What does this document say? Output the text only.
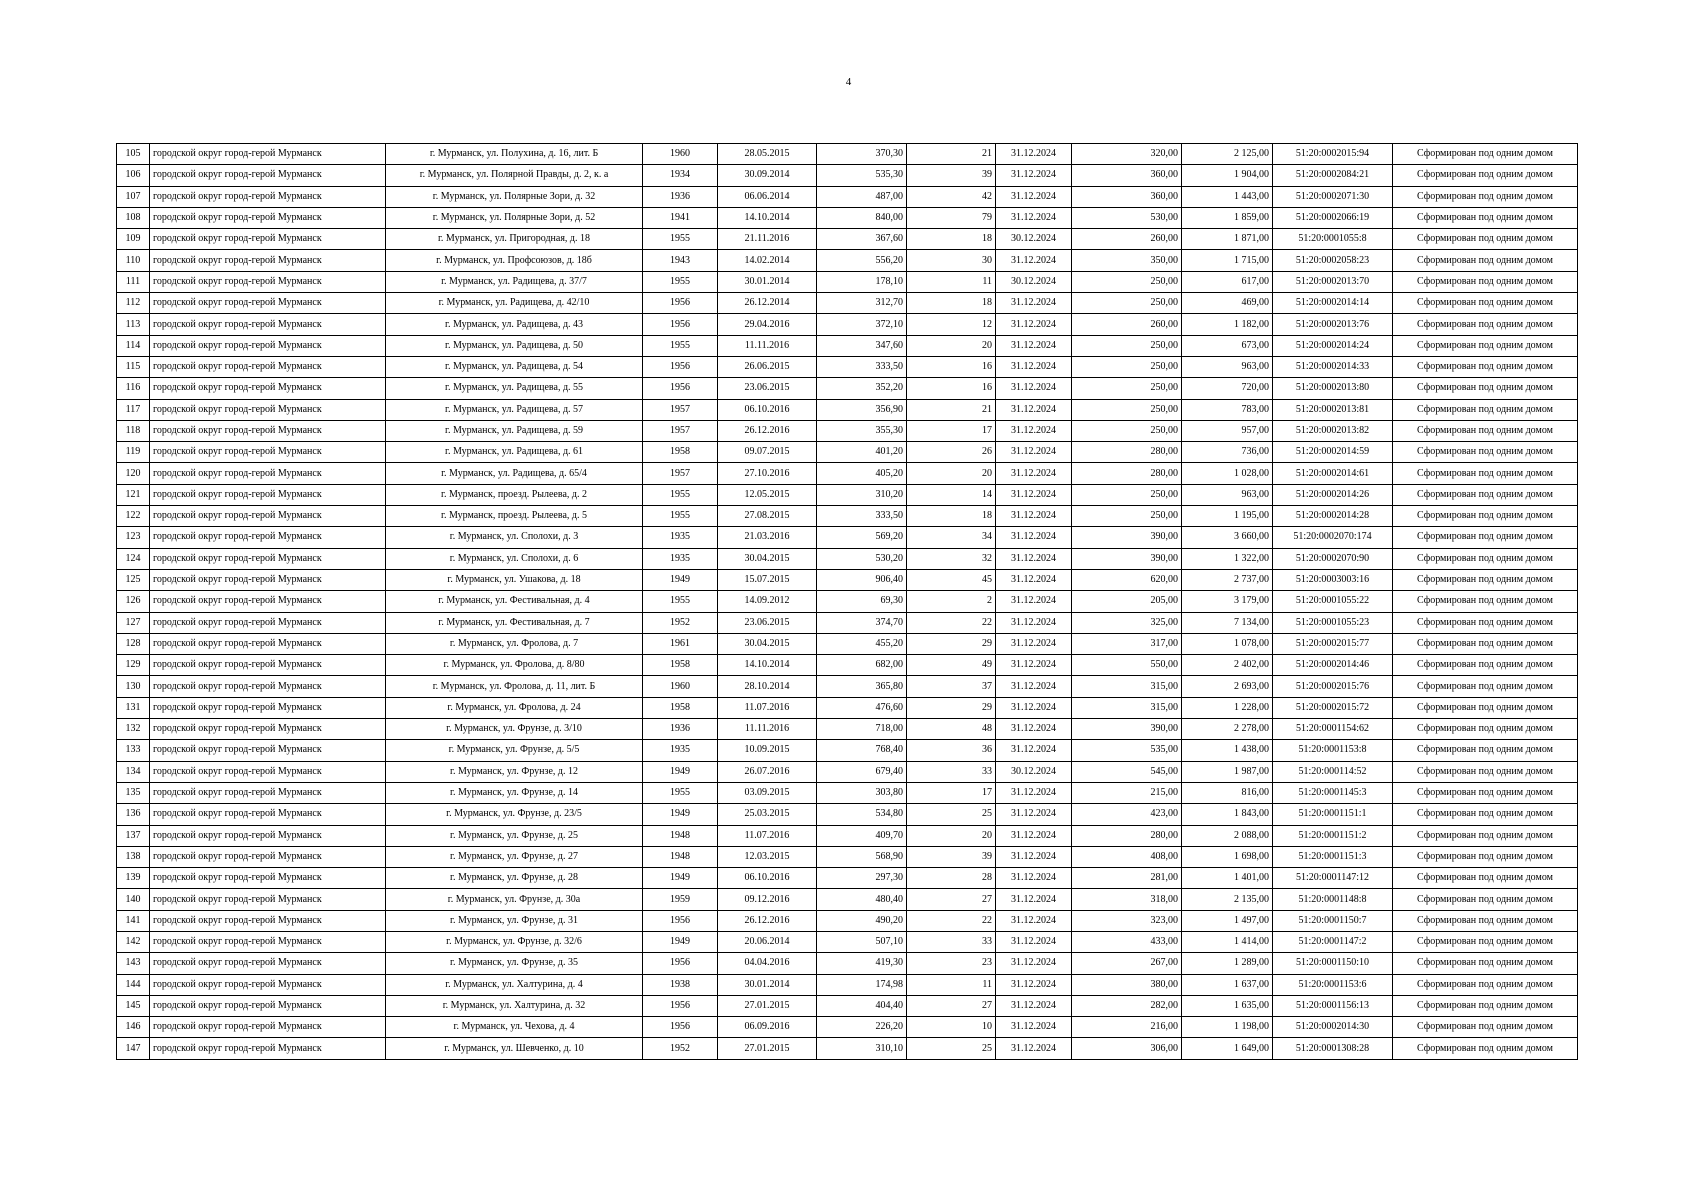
4
105	городской округ город-герой Мурманск	г. Мурманск, ул. Полухина, д. 16, лит. Б	1960	28.05.2015	370,30	21	31.12.2024	320,00	2 125,00	51:20:0002015:94	Сформирован под одним домом
106	городской округ город-герой Мурманск	г. Мурманск, ул. Полярной Правды, д. 2, к. а	1934	30.09.2014	535,30	39	31.12.2024	360,00	1 904,00	51:20:0002084:21	Сформирован под одним домом
107	городской округ город-герой Мурманск	г. Мурманск, ул. Полярные Зори, д. 32	1936	06.06.2014	487,00	42	31.12.2024	360,00	1 443,00	51:20:0002071:30	Сформирован под одним домом
108	городской округ город-герой Мурманск	г. Мурманск, ул. Полярные Зори, д. 52	1941	14.10.2014	840,00	79	31.12.2024	530,00	1 859,00	51:20:0002066:19	Сформирован под одним домом
109	городской округ город-герой Мурманск	г. Мурманск, ул. Пригородная, д. 18	1955	21.11.2016	367,60	18	30.12.2024	260,00	1 871,00	51:20:0001055:8	Сформирован под одним домом
110	городской округ город-герой Мурманск	г. Мурманск, ул. Профсоюзов, д. 18б	1943	14.02.2014	556,20	30	31.12.2024	350,00	1 715,00	51:20:0002058:23	Сформирован под одним домом
111	городской округ город-герой Мурманск	г. Мурманск, ул. Радищева, д. 37/7	1955	30.01.2014	178,10	11	30.12.2024	250,00	617,00	51:20:0002013:70	Сформирован под одним домом
112	городской округ город-герой Мурманск	г. Мурманск, ул. Радищева, д. 42/10	1956	26.12.2014	312,70	18	31.12.2024	250,00	469,00	51:20:0002014:14	Сформирован под одним домом
113	городской округ город-герой Мурманск	г. Мурманск, ул. Радищева, д. 43	1956	29.04.2016	372,10	12	31.12.2024	260,00	1 182,00	51:20:0002013:76	Сформирован под одним домом
114	городской округ город-герой Мурманск	г. Мурманск, ул. Радищева, д. 50	1955	11.11.2016	347,60	20	31.12.2024	250,00	673,00	51:20:0002014:24	Сформирован под одним домом
115	городской округ город-герой Мурманск	г. Мурманск, ул. Радищева, д. 54	1956	26.06.2015	333,50	16	31.12.2024	250,00	963,00	51:20:0002014:33	Сформирован под одним домом
116	городской округ город-герой Мурманск	г. Мурманск, ул. Радищева, д. 55	1956	23.06.2015	352,20	16	31.12.2024	250,00	720,00	51:20:0002013:80	Сформирован под одним домом
117	городской округ город-герой Мурманск	г. Мурманск, ул. Радищева, д. 57	1957	06.10.2016	356,90	21	31.12.2024	250,00	783,00	51:20:0002013:81	Сформирован под одним домом
118	городской округ город-герой Мурманск	г. Мурманск, ул. Радищева, д. 59	1957	26.12.2016	355,30	17	31.12.2024	250,00	957,00	51:20:0002013:82	Сформирован под одним домом
119	городской округ город-герой Мурманск	г. Мурманск, ул. Радищева, д. 61	1958	09.07.2015	401,20	26	31.12.2024	280,00	736,00	51:20:0002014:59	Сформирован под одним домом
120	городской округ город-герой Мурманск	г. Мурманск, ул. Радищева, д. 65/4	1957	27.10.2016	405,20	20	31.12.2024	280,00	1 028,00	51:20:0002014:61	Сформирован под одним домом
121	городской округ город-герой Мурманск	г. Мурманск, проезд. Рылеева, д. 2	1955	12.05.2015	310,20	14	31.12.2024	250,00	963,00	51:20:0002014:26	Сформирован под одним домом
122	городской округ город-герой Мурманск	г. Мурманск, проезд. Рылеева, д. 5	1955	27.08.2015	333,50	18	31.12.2024	250,00	1 195,00	51:20:0002014:28	Сформирован под одним домом
123	городской округ город-герой Мурманск	г. Мурманск, ул. Сполохи, д. 3	1935	21.03.2016	569,20	34	31.12.2024	390,00	3 660,00	51:20:0002070:174	Сформирован под одним домом
124	городской округ город-герой Мурманск	г. Мурманск, ул. Сполохи, д. 6	1935	30.04.2015	530,20	32	31.12.2024	390,00	1 322,00	51:20:0002070:90	Сформирован под одним домом
125	городской округ город-герой Мурманск	г. Мурманск, ул. Ушакова, д. 18	1949	15.07.2015	906,40	45	31.12.2024	620,00	2 737,00	51:20:0003003:16	Сформирован под одним домом
126	городской округ город-герой Мурманск	г. Мурманск, ул. Фестивальная, д. 4	1955	14.09.2012	69,30	2	31.12.2024	205,00	3 179,00	51:20:0001055:22	Сформирован под одним домом
127	городской округ город-герой Мурманск	г. Мурманск, ул. Фестивальная, д. 7	1952	23.06.2015	374,70	22	31.12.2024	325,00	7 134,00	51:20:0001055:23	Сформирован под одним домом
128	городской округ город-герой Мурманск	г. Мурманск, ул. Фролова, д. 7	1961	30.04.2015	455,20	29	31.12.2024	317,00	1 078,00	51:20:0002015:77	Сформирован под одним домом
129	городской округ город-герой Мурманск	г. Мурманск, ул. Фролова, д. 8/80	1958	14.10.2014	682,00	49	31.12.2024	550,00	2 402,00	51:20:0002014:46	Сформирован под одним домом
130	городской округ город-герой Мурманск	г. Мурманск, ул. Фролова, д. 11, лит. Б	1960	28.10.2014	365,80	37	31.12.2024	315,00	2 693,00	51:20:0002015:76	Сформирован под одним домом
131	городской округ город-герой Мурманск	г. Мурманск, ул. Фролова, д. 24	1958	11.07.2016	476,60	29	31.12.2024	315,00	1 228,00	51:20:0002015:72	Сформирован под одним домом
132	городской округ город-герой Мурманск	г. Мурманск, ул. Фрунзе, д. 3/10	1936	11.11.2016	718,00	48	31.12.2024	390,00	2 278,00	51:20:0001154:62	Сформирован под одним домом
133	городской округ город-герой Мурманск	г. Мурманск, ул. Фрунзе, д. 5/5	1935	10.09.2015	768,40	36	31.12.2024	535,00	1 438,00	51:20:0001153:8	Сформирован под одним домом
134	городской округ город-герой Мурманск	г. Мурманск, ул. Фрунзе, д. 12	1949	26.07.2016	679,40	33	30.12.2024	545,00	1 987,00	51:20:000114:52	Сформирован под одним домом
135	городской округ город-герой Мурманск	г. Мурманск, ул. Фрунзе, д. 14	1955	03.09.2015	303,80	17	31.12.2024	215,00	816,00	51:20:0001145:3	Сформирован под одним домом
136	городской округ город-герой Мурманск	г. Мурманск, ул. Фрунзе, д. 23/5	1949	25.03.2015	534,80	25	31.12.2024	423,00	1 843,00	51:20:0001151:1	Сформирован под одним домом
137	городской округ город-герой Мурманск	г. Мурманск, ул. Фрунзе, д. 25	1948	11.07.2016	409,70	20	31.12.2024	280,00	2 088,00	51:20:0001151:2	Сформирован под одним домом
138	городской округ город-герой Мурманск	г. Мурманск, ул. Фрунзе, д. 27	1948	12.03.2015	568,90	39	31.12.2024	408,00	1 698,00	51:20:0001151:3	Сформирован под одним домом
139	городской округ город-герой Мурманск	г. Мурманск, ул. Фрунзе, д. 28	1949	06.10.2016	297,30	28	31.12.2024	281,00	1 401,00	51:20:0001147:12	Сформирован под одним домом
140	городской округ город-герой Мурманск	г. Мурманск, ул. Фрунзе, д. 30а	1959	09.12.2016	480,40	27	31.12.2024	318,00	2 135,00	51:20:0001148:8	Сформирован под одним домом
141	городской округ город-герой Мурманск	г. Мурманск, ул. Фрунзе, д. 31	1956	26.12.2016	490,20	22	31.12.2024	323,00	1 497,00	51:20:0001150:7	Сформирован под одним домом
142	городской округ город-герой Мурманск	г. Мурманск, ул. Фрунзе, д. 32/6	1949	20.06.2014	507,10	33	31.12.2024	433,00	1 414,00	51:20:0001147:2	Сформирован под одним домом
143	городской округ город-герой Мурманск	г. Мурманск, ул. Фрунзе, д. 35	1956	04.04.2016	419,30	23	31.12.2024	267,00	1 289,00	51:20:0001150:10	Сформирован под одним домом
144	городской округ город-герой Мурманск	г. Мурманск, ул. Халтурина, д. 4	1938	30.01.2014	174,98	11	31.12.2024	380,00	1 637,00	51:20:0001153:6	Сформирован под одним домом
145	городской округ город-герой Мурманск	г. Мурманск, ул. Халтурина, д. 32	1956	27.01.2015	404,40	27	31.12.2024	282,00	1 635,00	51:20:0001156:13	Сформирован под одним домом
146	городской округ город-герой Мурманск	г. Мурманск, ул. Чехова, д. 4	1956	06.09.2016	226,20	10	31.12.2024	216,00	1 198,00	51:20:0002014:30	Сформирован под одним домом
147	городской округ город-герой Мурманск	г. Мурманск, ул. Шевченко, д. 10	1952	27.01.2015	310,10	25	31.12.2024	306,00	1 649,00	51:20:0001308:28	Сформирован под одним домом
